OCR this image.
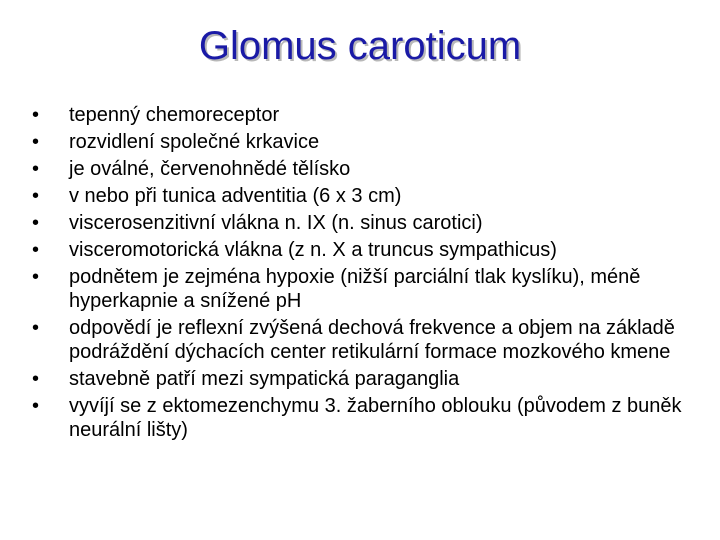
Glomus caroticum
•	tepenný chemoreceptor
•	rozvidlení společné krkavice
•	je oválné, červenohnědé tělísko
•	v nebo při tunica adventitia (6 x 3 cm)
•	viscerosenzitivní vlákna n. IX (n. sinus carotici)
•	visceromotorická vlákna (z n. X a truncus sympathicus)
•	podnětem je zejména hypoxie (nižší parciální tlak kyslíku), méně hyperkapnie a snížené pH
•	odpovědí je reflexní zvýšená dechová frekvence a objem na základě podráždění dýchacích center retikulární formace mozkového kmene
•	stavebně patří mezi sympatická paraganglia
•	vyvíjí se z ektomezenchymu 3. žaberního oblouku (původem z buněk neurální lišty)
